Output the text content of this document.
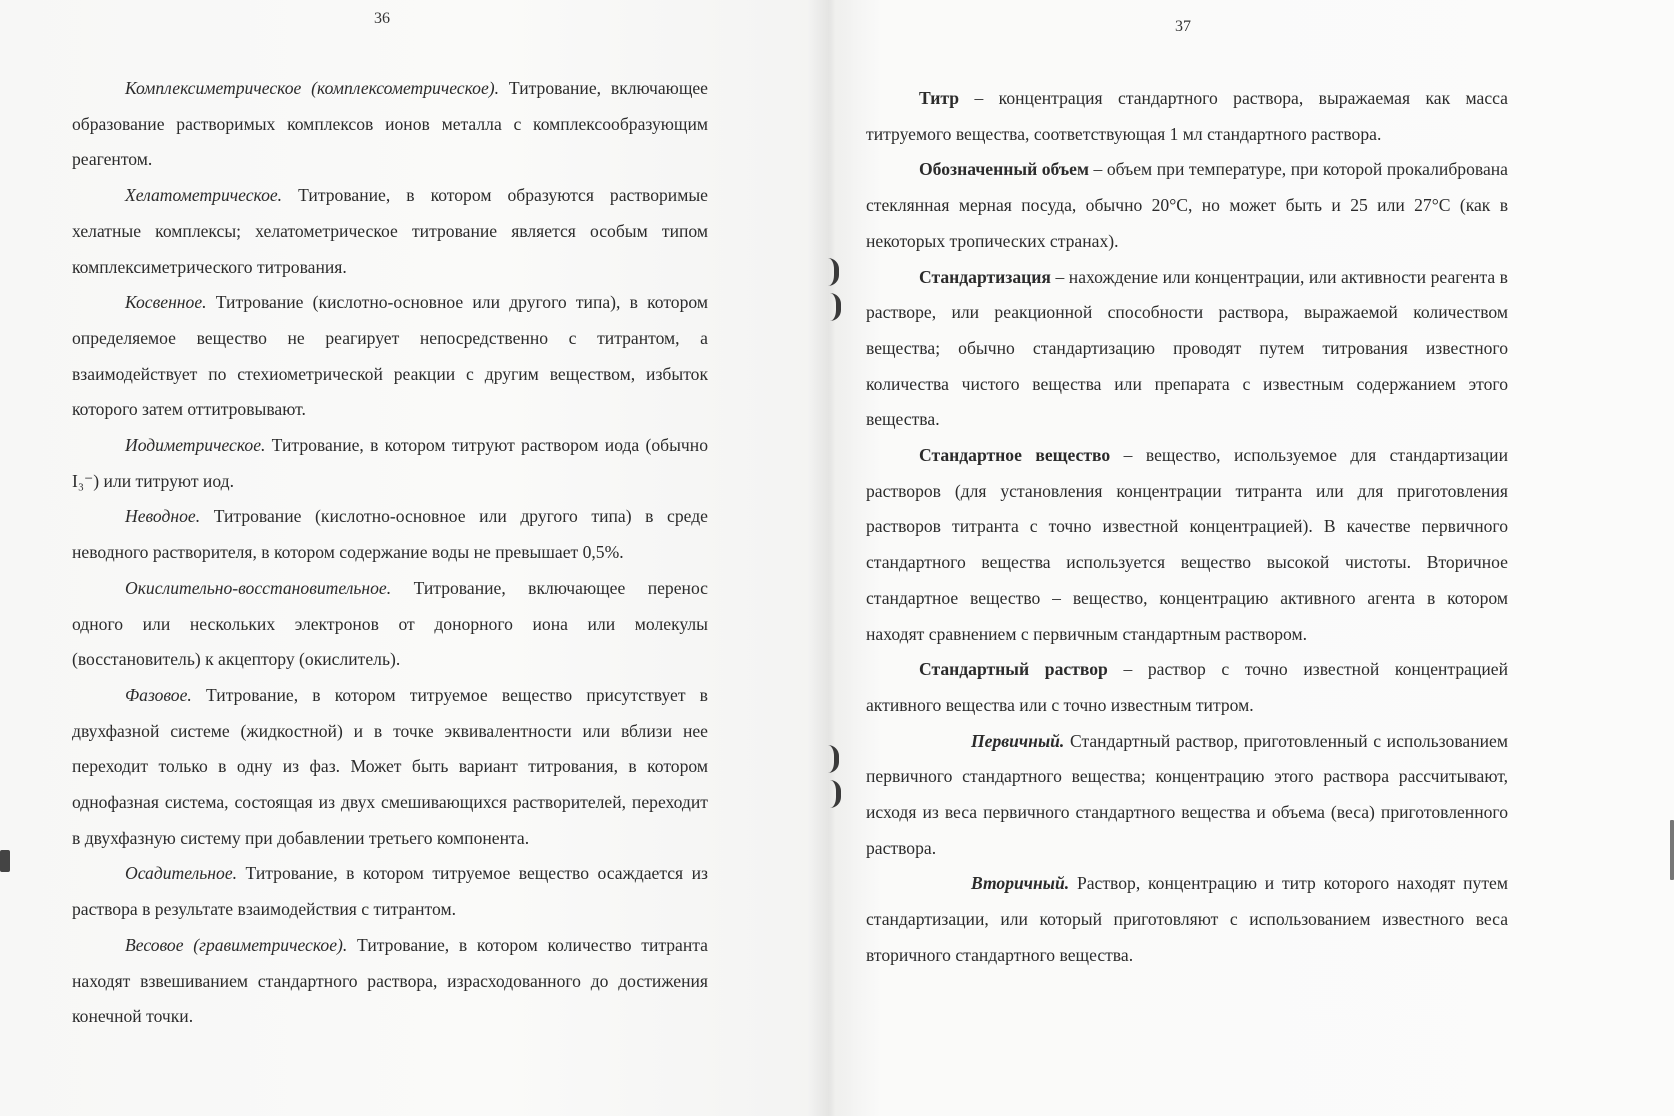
36

Комплексиметрическое (комплексометрическое). Титрование, включающее образование растворимых комплексов ионов металла с комплексообразующим реагентом.

Хелатометрическое. Титрование, в котором образуются растворимые хелатные комплексы; хелатометрическое титрование является особым типом комплексиметрического титрования.

Косвенное. Титрование (кислотно-основное или другого типа), в котором определяемое вещество не реагирует непосредственно с титрантом, а взаимодействует по стехиометрической реакции с другим веществом, избыток которого затем оттитровывают.

Иодиметрическое. Титрование, в котором титруют раствором иода (обычно I₃⁻) или титруют иод.

Неводное. Титрование (кислотно-основное или другого типа) в среде неводного растворителя, в котором содержание воды не превышает 0,5%.

Окислительно-восстановительное. Титрование, включающее перенос одного или нескольких электронов от донорного иона или молекулы (восстановитель) к акцептору (окислитель).

Фазовое. Титрование, в котором титруемое вещество присутствует в двухфазной системе (жидкостной) и в точке эквивалентности или вблизи нее переходит только в одну из фаз. Может быть вариант титрования, в котором однофазная система, состоящая из двух смешивающихся растворителей, переходит в двухфазную систему при добавлении третьего компонента.

Осадительное. Титрование, в котором титруемое вещество осаждается из раствора в результате взаимодействия с титрантом.

Весовое (гравиметрическое). Титрование, в котором количество титранта находят взвешиванием стандартного раствора, израсходованного до достижения конечной точки.

37

Титр – концентрация стандартного раствора, выражаемая как масса титруемого вещества, соответствующая 1 мл стандартного раствора.

Обозначенный объем – объем при температуре, при которой прокалибрована стеклянная мерная посуда, обычно 20°С, но может быть и 25 или 27°С (как в некоторых тропических странах).

Стандартизация – нахождение или концентрации, или активности реагента в растворе, или реакционной способности раствора, выражаемой количеством вещества; обычно стандартизацию проводят путем титрования известного количества чистого вещества или препарата с известным содержанием этого вещества.

Стандартное вещество – вещество, используемое для стандартизации растворов (для установления концентрации титранта или для приготовления растворов титранта с точно известной концентрацией). В качестве первичного стандартного вещества используется вещество высокой чистоты. Вторичное стандартное вещество – вещество, концентрацию активного агента в котором находят сравнением с первичным стандартным раствором.

Стандартный раствор – раствор с точно известной концентрацией активного вещества или с точно известным титром.

Первичный. Стандартный раствор, приготовленный с использованием первичного стандартного вещества; концентрацию этого раствора рассчитывают, исходя из веса первичного стандартного вещества и объема (веса) приготовленного раствора.

Вторичный. Раствор, концентрацию и титр которого находят путем стандартизации, или который приготовляют с использованием известного веса вторичного стандартного вещества.
